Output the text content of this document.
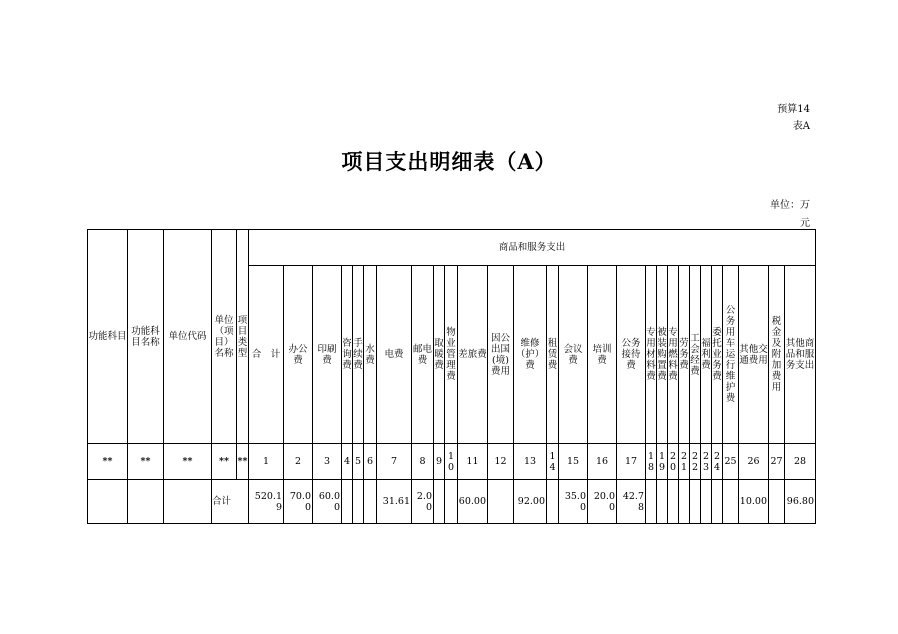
预算14
表A
项目支出明细表（A）
单位：万
元
功能科目	功能科目名称	单位代码	单位（项目）名称	项目类型	商品和服务支出																											
					合　计	办公费	印刷费	咨询费	手续费	水费	电费	邮电费	取暖费	物业管理费	差旅费	因公出国(境)费用	维修（护）费	租赁费	会议费	培训费	公务接待费	专用材料费	被装购置费	专用燃料费	劳务费	工会经费	福利费	委托业务费	公务用车运行维护费	其他交通费用	税金及附加费用	其他商品和服务支出
**	**	**	**	**	1	2	3	4	5	6	7	8	9	10	11	12	13	14	15	16	17	18	19	20	21	22	23	24	25	26	27	28
			合计		520.19	70.00	60.00				31.61	2.00			60.00		92.00		35.00	20.00	42.78									10.00		96.80
